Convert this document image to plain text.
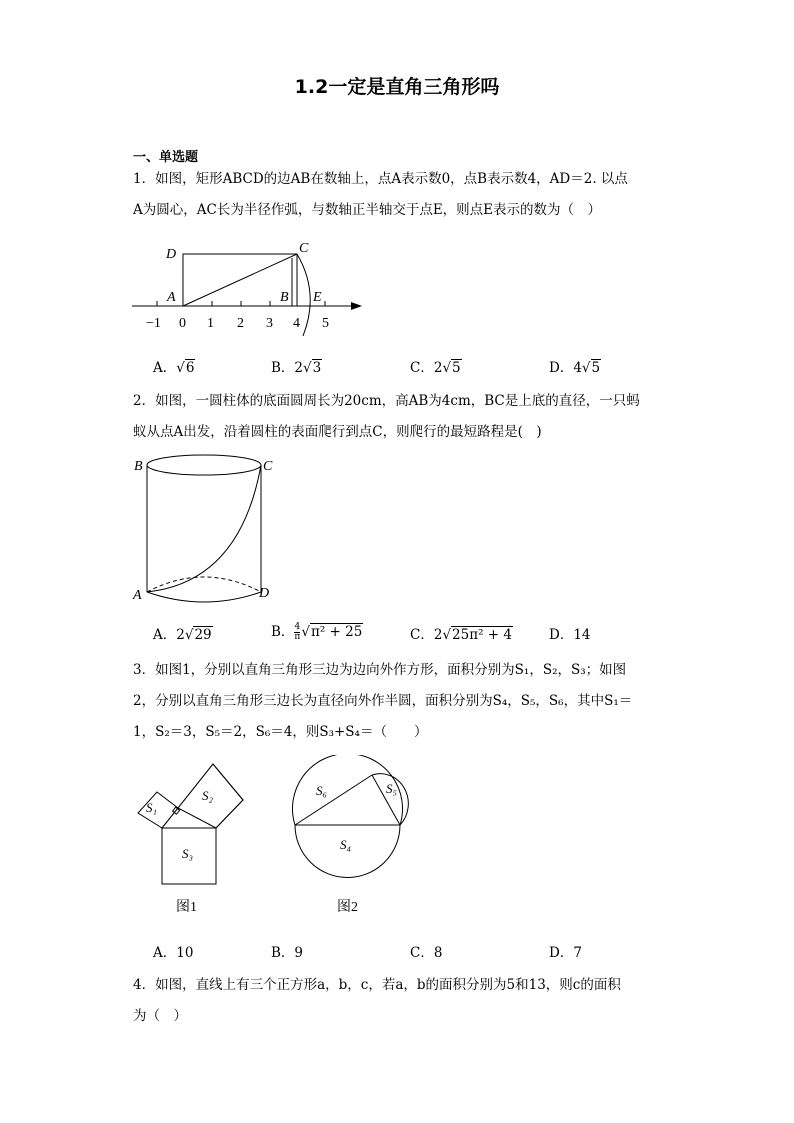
1.2一定是直角三角形吗
一、单选题
1．如图，矩形ABCD的边AB在数轴上，点A表示数0，点B表示数4，AD＝2. 以点
A为圆心，AC长为半径作弧，与数轴正半轴交于点E，则点E表示的数为（　）
D	C
A	B E
−1 0 1 2 3 4 5
A．√6	B．2√3	C．2√5	D．4√5
2．如图，一圆柱体的底面圆周长为20cm，高AB为4cm，BC是上底的直径，一只蚂
蚁从点A出发，沿着圆柱的表面爬行到点C，则爬行的最短路程是(　)
B	C
A	D
A．2√29	B． $\frac{4}{\pi} √\pi^2 + 25$	C．2√25π² + 4	D．14
3．如图1，分别以直角三角形三边为边向外作方形，面积分别为S₁，S₂，S₃；如图
2，分别以直角三角形三边长为直径向外作半圆，面积分别为S₄，S₅，S₆，其中S₁＝
1，S₂＝3，S₅＝2，S₆＝4，则S₃+S₄＝（　　）
S₁
S₂
S₃
图1
S₆	S₅
S₄
图2
A．10	B．9	C．8	D．7
4．如图，直线上有三个正方形a，b，c，若a，b的面积分别为5和13，则c的面积
为（　）
